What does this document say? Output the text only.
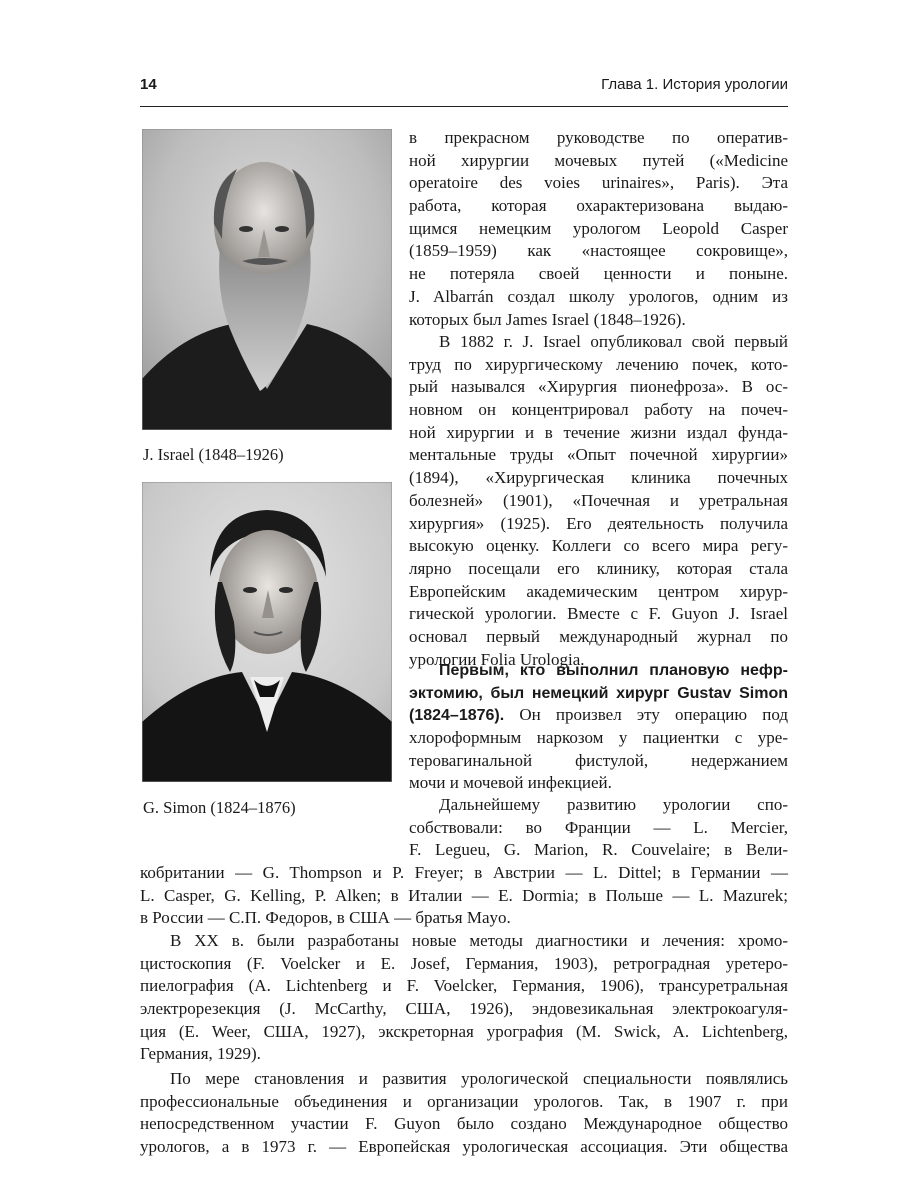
14	Глава 1. История урологии
J. Israel (1848–1926)
G. Simon (1824–1876)

в прекрасном руководстве по оператив-
ной хирургии мочевых путей («Medicine
operatoire des voies urinaires», Paris). Эта
работа, которая охарактеризована выдаю-
щимся немецким урологом Leopold Casper
(1859–1959) как «настоящее сокровище»,
не потеряла своей ценности и поныне.
J. Albarrán создал школу урологов, одним из
которых был James Israel (1848–1926).

В 1882 г. J. Israel опубликовал свой первый
труд по хирургическому лечению почек, кото-
рый назывался «Хирургия пионефроза». В ос-
новном он концентрировал работу на почеч-
ной хирургии и в течение жизни издал фунда-
ментальные труды «Опыт почечной хирургии»
(1894), «Хирургическая клиника почечных
болезней» (1901), «Почечная и уретральная
хирургия» (1925). Его деятельность получила
высокую оценку. Коллеги со всего мира регу-
лярно посещали его клинику, которая стала
Европейским академическим центром хирур-
гической урологии. Вместе с F. Guyon J. Israel
основал первый международный журнал по
урологии Folia Urologia.

Первым, кто выполнил плановую нефр-
эктомию, был немецкий хирург Gustav Simon
(1824–1876). Он произвел эту операцию под
хлороформным наркозом у пациентки с уре-
теровагинальной фистулой, недержанием
мочи и мочевой инфекцией.

Дальнейшему развитию урологии спо-
собствовали: во Франции — L. Mercier,
F. Legueu, G. Marion, R. Couvelaire; в Вели-

кобритании — G. Thompson и P. Freyer; в Австрии — L. Dittel; в Германии —
L. Casper, G. Kelling, P. Alken; в Италии — E. Dormia; в Польше — L. Mazurek;
в России — С.П. Федоров, в США — братья Mayo.

В XX в. были разработаны новые методы диагностики и лечения: хромо-
цистоскопия (F. Voelcker и E. Josef, Германия, 1903), ретроградная уретеро-
пиелография (A. Lichtenberg и F. Voelcker, Германия, 1906), трансуретральная
электрорезекция (J. McCarthy, США, 1926), эндовезикальная электрокоагуля-
ция (E. Weer, США, 1927), экскреторная урография (M. Swick, A. Lichtenberg,
Германия, 1929).

По мере становления и развития урологической специальности появлялись
профессиональные объединения и организации урологов. Так, в 1907 г. при
непосредственном участии F. Guyon было создано Международное общество
урологов, а в 1973 г. — Европейская урологическая ассоциация. Эти общества
